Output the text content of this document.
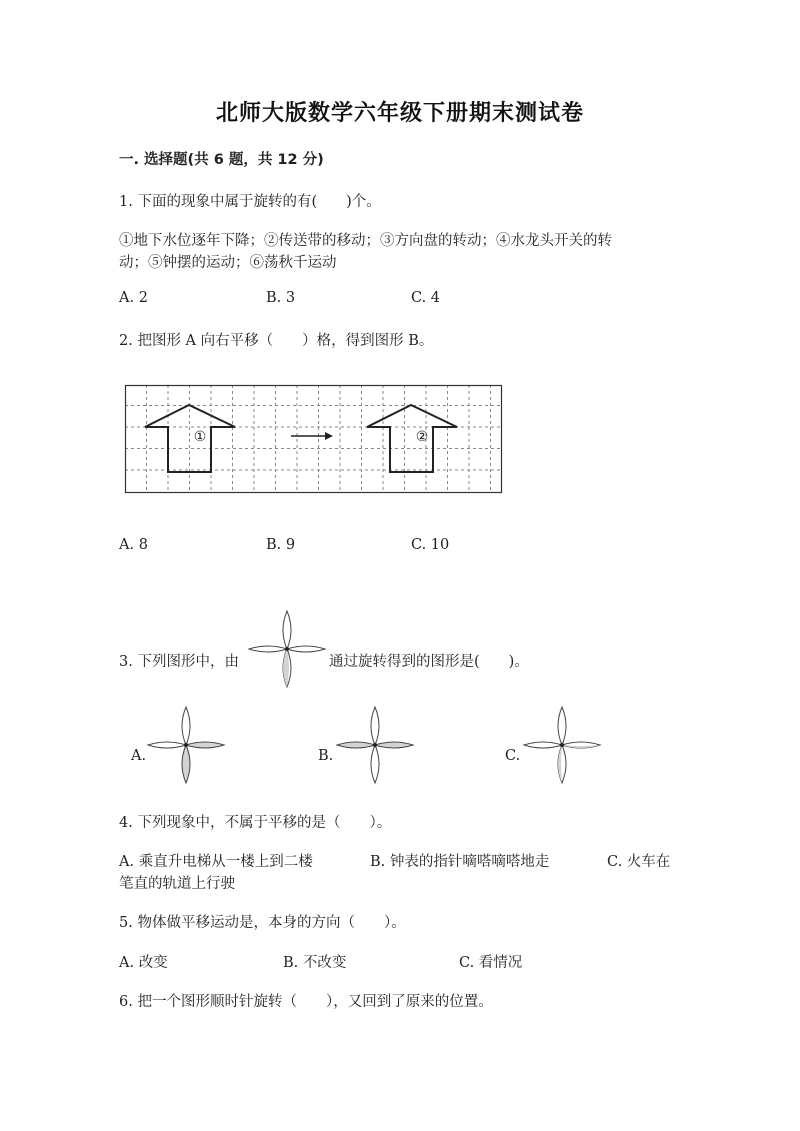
北师大版数学六年级下册期末测试卷
一. 选择题(共 6 题，共 12 分)
1. 下面的现象中属于旋转的有(　　)个。
①地下水位逐年下降；②传送带的移动；③方向盘的转动；④水龙头开关的转
动；⑤钟摆的运动；⑥荡秋千运动
A. 2	B. 3	C. 4
2. 把图形 A 向右平移（　　）格，得到图形 B。
①	②
A. 8	B. 9	C. 10
3. 下列图形中，由	通过旋转得到的图形是(　　)。
A.	B.	C.
4. 下列现象中，不属于平移的是（　　）。
A. 乘直升电梯从一楼上到二楼	B. 钟表的指针嘀嗒嘀嗒地走	C. 火车在
笔直的轨道上行驶
5. 物体做平移运动是，本身的方向（　　）。
A. 改变	B. 不改变	C. 看情况
6. 把一个图形顺时针旋转（　　），又回到了原来的位置。
